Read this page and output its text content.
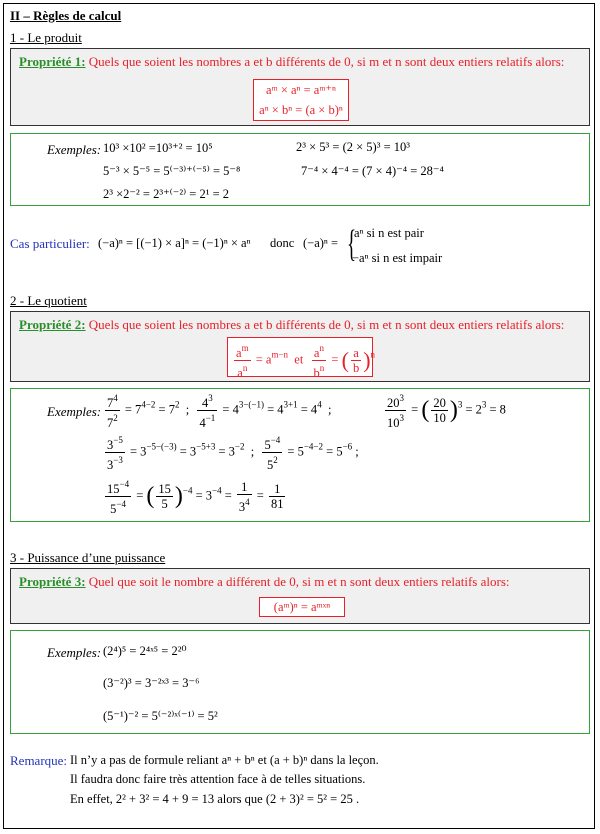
II – Règles de calcul
1 - Le produit
Propriété 1: Quels que soient les nombres a et b différents de 0, si m et n sont deux entiers relatifs alors:
aᵐ × aⁿ = aᵐ⁺ⁿ
aⁿ × bⁿ = (a × b)ⁿ
Exemples: 10³ ×10² =10³⁺² = 10⁵	2³ × 5³ = (2 × 5)³ = 10³
5⁻³ × 5⁻⁵ = 5⁽⁻³⁾⁺⁽⁻⁵⁾ = 5⁻⁸	7⁻⁴ × 4⁻⁴ = (7 × 4)⁻⁴ = 28⁻⁴
2³ ×2⁻² = 2³⁺⁽⁻²⁾ = 2¹ = 2
Cas particulier: (−a)ⁿ = [(−1) × a]ⁿ = (−1)ⁿ × aⁿ donc (−a)ⁿ = {
aⁿ si n est pair
−aⁿ si n est impair
2 - Le quotient
Propriété 2: Quels que soient les nombres a et b différents de 0, si m et n sont deux entiers relatifs alors:
$\frac{a^m}{a^n} = a^{m-n}$  et $\frac{a^n}{b^n}$ = ( $\frac{a}{b} )^n$
Exemples: $\frac{7^4}{7^2} = 7^{4-2} = 7^2$  ; $\frac{4^3}{4^{-1}} = 4^{3-(-1)} = 4^{3+1} = 4^4$  ;	$\frac{20^3}{10^3}$ = ( $\frac{20}{10} )^3 = 2^3 = 8$
$\frac{3^{-5}}{3^{-3}} = 3^{-5-(-3)} = 3^{-5+3} = 3^{-2}$  ; $\frac{5^{-4}}{5^2} = 5^{-4-2} = 5^{-6}$ ;
$\frac{15^{-4}}{5^{-4}}$ = ( $\frac{15}{5} )^{-4} = 3^{-4} = \frac{1}{3^4} = \frac{1}{81}$
3 - Puissance d’une puissance
Propriété 3: Quel que soit le nombre a différent de 0, si m et n sont deux entiers relatifs alors:
(aᵐ)ⁿ = aᵐˣⁿ
Exemples: (2⁴)⁵ = 2⁴ˣ⁵ = 2²⁰
(3⁻²)³ = 3⁻²ˣ³ = 3⁻⁶
(5⁻¹)⁻² = 5⁽⁻²⁾ˣ⁽⁻¹⁾ = 5²
Remarque: Il n’y a pas de formule reliant aⁿ + bⁿ et (a + b)ⁿ dans la leçon.
Il faudra donc faire très attention face à de telles situations.
En effet, 2² + 3² = 4 + 9 = 13 alors que (2 + 3)² = 5² = 25 .
